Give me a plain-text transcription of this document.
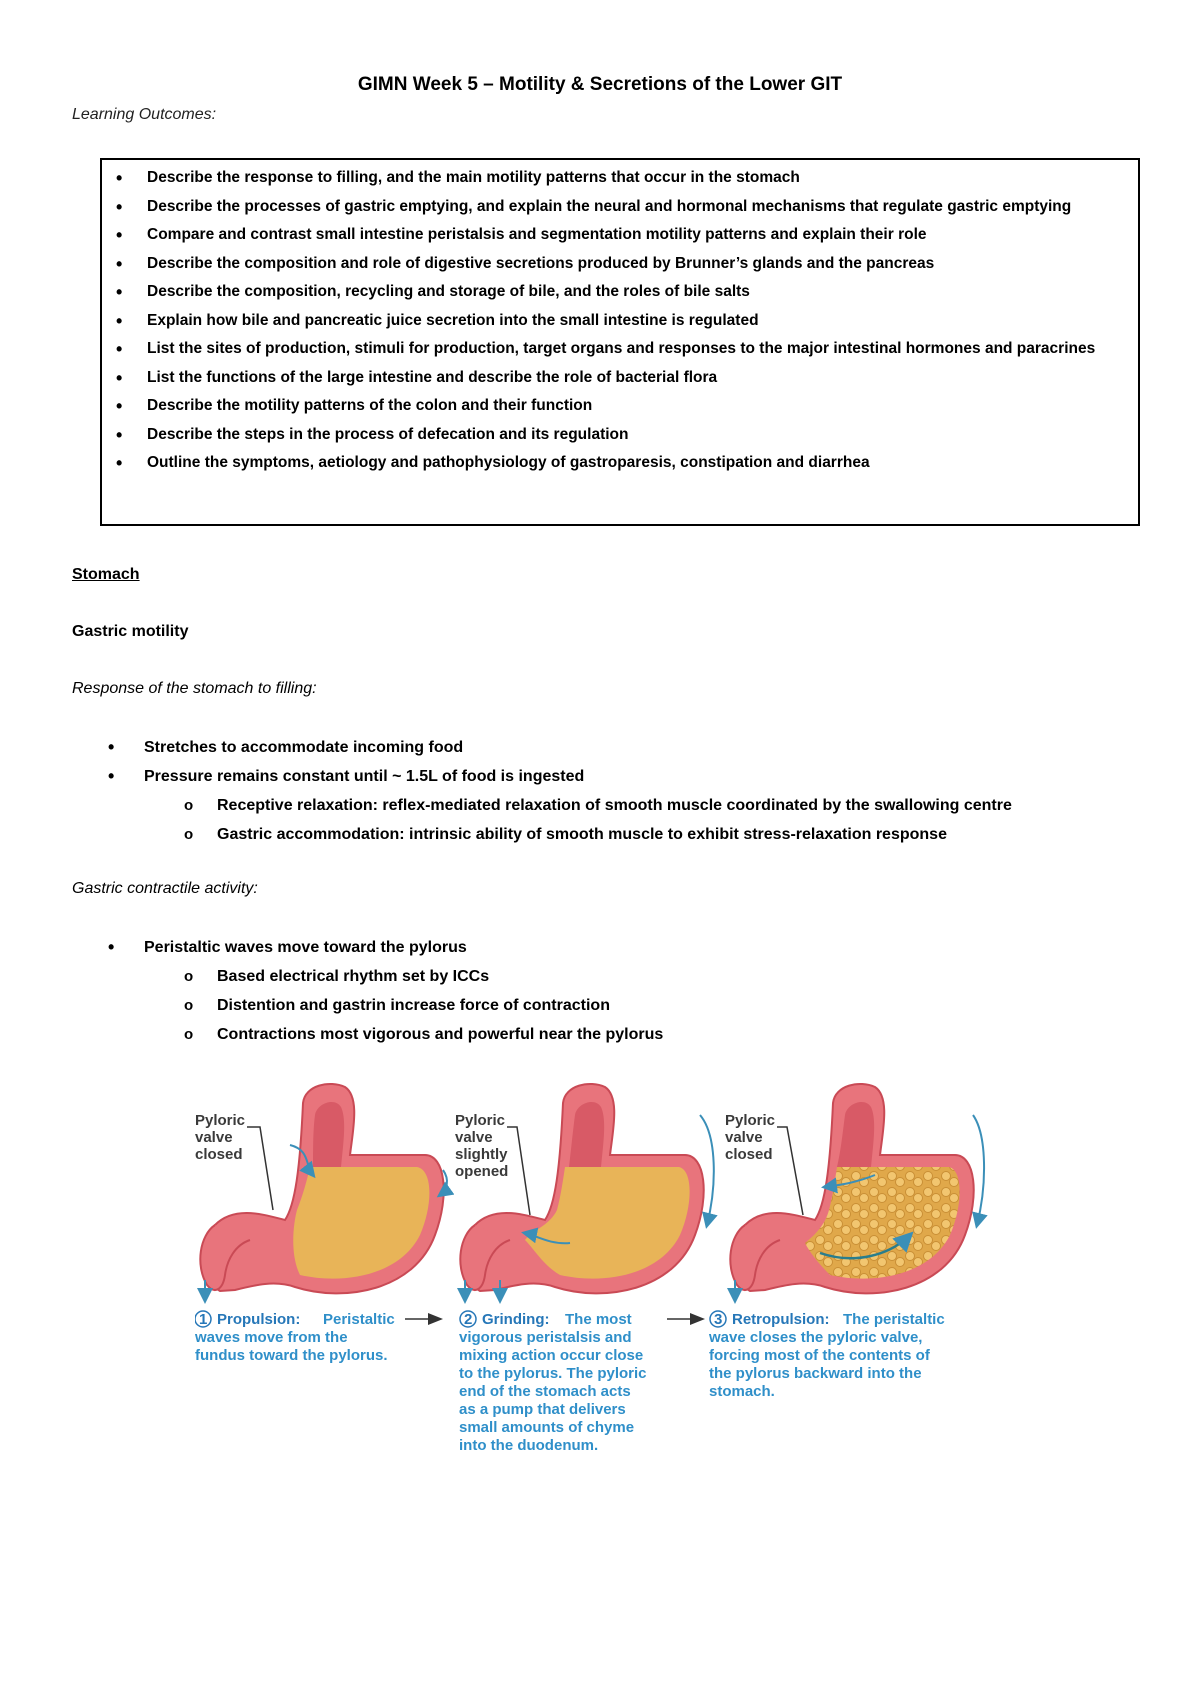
GIMN Week 5 – Motility & Secretions of the Lower GIT
Learning Outcomes:
• Describe the response to filling, and the main motility patterns that occur in the stomach
• Describe the processes of gastric emptying, and explain the neural and hormonal mechanisms that regulate gastric emptying
• Compare and contrast small intestine peristalsis and segmentation motility patterns and explain their role
• Describe the composition and role of digestive secretions produced by Brunner’s glands and the pancreas
• Describe the composition, recycling and storage of bile, and the roles of bile salts
• Explain how bile and pancreatic juice secretion into the small intestine is regulated
• List the sites of production, stimuli for production, target organs and responses to the major intestinal hormones and paracrines
• List the functions of the large intestine and describe the role of bacterial flora
• Describe the motility patterns of the colon and their function
• Describe the steps in the process of defecation and its regulation
• Outline the symptoms, aetiology and pathophysiology of gastroparesis, constipation and diarrhea
Stomach
Gastric motility
Response of the stomach to filling:
• Stretches to accommodate incoming food
• Pressure remains constant until ~ 1.5L of food is ingested
o Receptive relaxation: reflex-mediated relaxation of smooth muscle coordinated by the swallowing centre
o Gastric accommodation: intrinsic ability of smooth muscle to exhibit stress-relaxation response
Gastric contractile activity:
• Peristaltic waves move toward the pylorus
o Based electrical rhythm set by ICCs
o Distention and gastrin increase force of contraction
o Contractions most vigorous and powerful near the pylorus
Pyloric
valve
closed
1 Propulsion: Peristaltic
waves move from the
fundus toward the pylorus.
Pyloric
valve
slightly
opened
2 Grinding: The most
vigorous peristalsis and
mixing action occur close
to the pylorus. The pyloric
end of the stomach acts
as a pump that delivers
small amounts of chyme
into the duodenum.
Pyloric
valve
closed
3 Retropulsion: The peristaltic
wave closes the pyloric valve,
forcing most of the contents of
the pylorus backward into the
stomach.
